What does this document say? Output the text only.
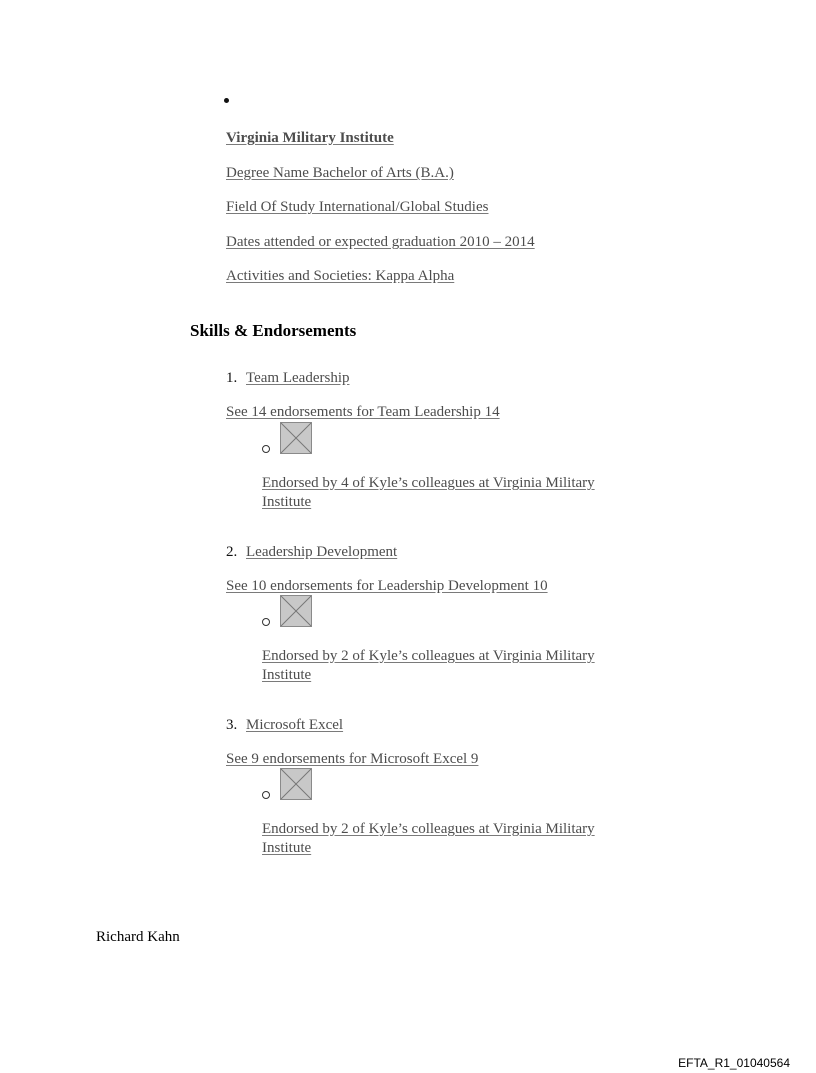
Virginia Military Institute
Degree Name Bachelor of Arts (B.A.)
Field Of Study International/Global Studies
Dates attended or expected graduation 2010 – 2014
Activities and Societies: Kappa Alpha
Skills & Endorsements
1. Team Leadership
See 14 endorsements for Team Leadership 14
Endorsed by 4 of Kyle’s colleagues at Virginia Military
Institute
2. Leadership Development
See 10 endorsements for Leadership Development 10
Endorsed by 2 of Kyle’s colleagues at Virginia Military
Institute
3. Microsoft Excel
See 9 endorsements for Microsoft Excel 9
Endorsed by 2 of Kyle’s colleagues at Virginia Military
Institute
Richard Kahn
EFTA_R1_01040564
